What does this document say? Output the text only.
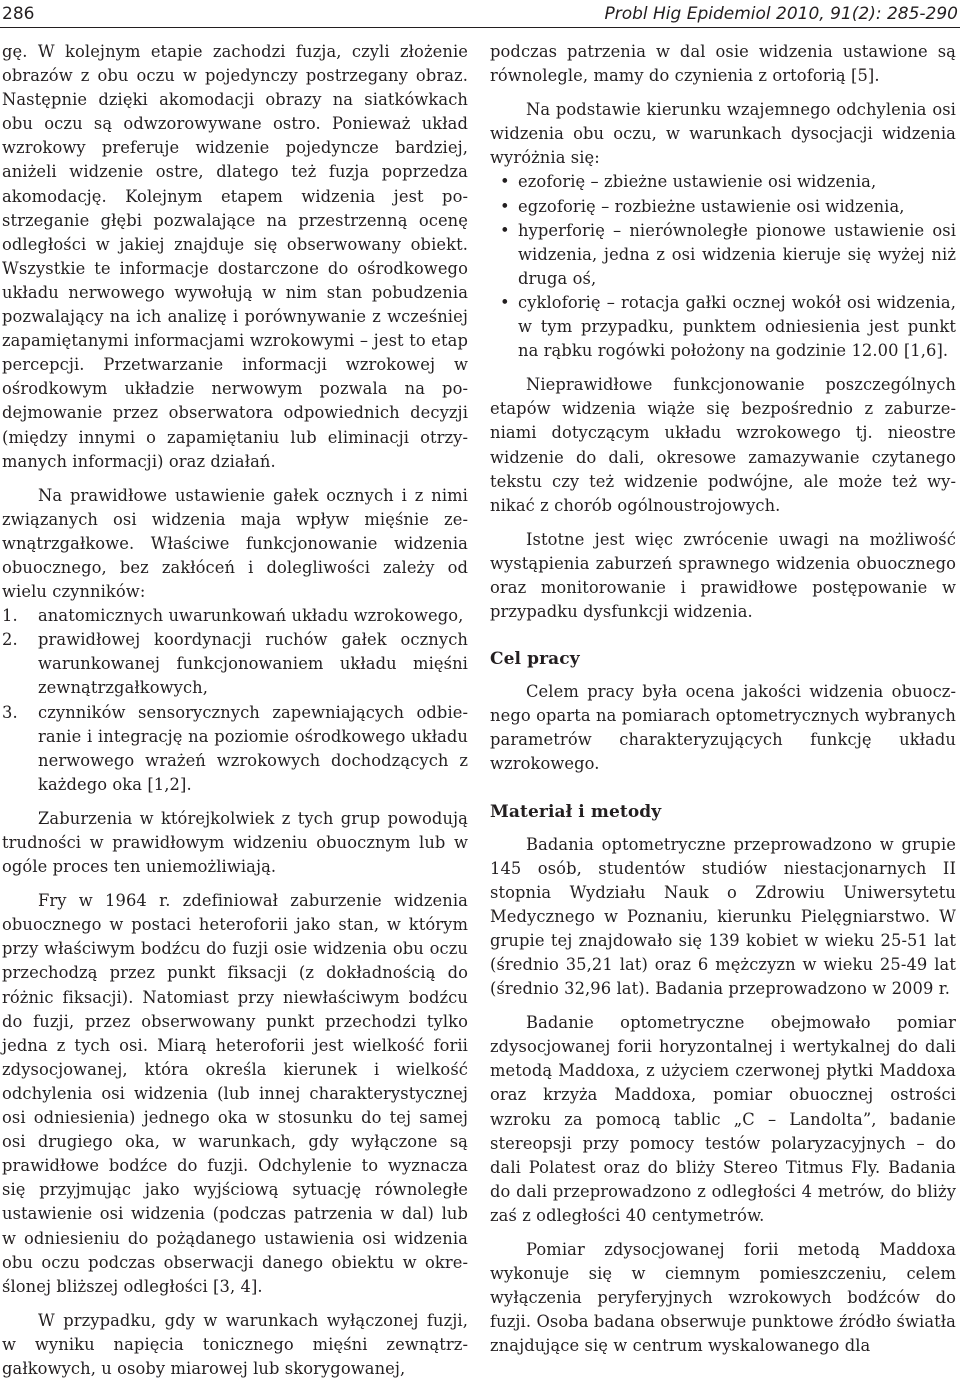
286	Probl Hig Epidemiol 2010, 91(2): 285-290

gę. W kolejnym etapie zachodzi fuzja, czyli złożenie obrazów z obu oczu w pojedynczy postrzegany obraz. Następnie dzięki akomodacji obrazy na siatkówkach obu oczu są odwzorowywane ostro. Ponieważ układ wzrokowy preferuje widzenie pojedyncze bardziej, aniżeli widzenie ostre, dlatego też fuzja poprzedza akomodację. Kolejnym etapem widzenia jest postrzeganie głębi pozwalające na przestrzenną ocenę odległości w jakiej znajduje się obserwowany obiekt. Wszystkie te informacje dostarczone do ośrodkowego układu nerwowego wywołują w nim stan pobudzenia pozwalający na ich analizę i porównywanie z wcześniej zapamiętanymi informacjami wzrokowymi – jest to etap percepcji. Przetwarzanie informacji wzrokowej w ośrodkowym układzie nerwowym pozwala na podejmowanie przez obserwatora odpowiednich decyzji (między innymi o zapamiętaniu lub eliminacji otrzymanych informacji) oraz działań.

Na prawidłowe ustawienie gałek ocznych i z nimi związanych osi widzenia maja wpływ mięśnie zewnątrzgałkowe. Właściwe funkcjonowanie widzenia obuocznego, bez zakłóceń i dolegliwości zależy od wielu czynników:

1. anatomicznych uwarunkowań układu wzrokowego,
2. prawidłowej koordynacji ruchów gałek ocznych warunkowanej funkcjonowaniem układu mięśni zewnątrzgałkowych,
3. czynników sensorycznych zapewniających odbieranie i integrację na poziomie ośrodkowego układu nerwowego wrażeń wzrokowych dochodzących z każdego oka [1,2].

Zaburzenia w którejkolwiek z tych grup powodują trudności w prawidłowym widzeniu obuocznym lub w ogóle proces ten uniemożliwiają.

Fry w 1964 r. zdefiniował zaburzenie widzenia obuocznego w postaci heteroforii jako stan, w którym przy właściwym bodźcu do fuzji osie widzenia obu oczu przechodzą przez punkt fiksacji (z dokładnością do różnic fiksacji). Natomiast przy niewłaściwym bodźcu do fuzji, przez obserwowany punkt przechodzi tylko jedna z tych osi. Miarą heteroforii jest wielkość forii zdysocjowanej, która określa kierunek i wielkość odchylenia osi widzenia (lub innej charakterystycznej osi odniesienia) jednego oka w stosunku do tej samej osi drugiego oka, w warunkach, gdy wyłączone są prawidłowe bodźce do fuzji. Odchylenie to wyznacza się przyjmując jako wyjściową sytuację równoległe ustawienie osi widzenia (podczas patrzenia w dal) lub w odniesieniu do pożądanego ustawienia osi widzenia obu oczu podczas obserwacji danego obiektu w określonej bliższej odległości [3, 4].

W przypadku, gdy w warunkach wyłączonej fuzji, w wyniku napięcia tonicznego mięśni zewnątrzgałkowych, u osoby miarowej lub skorygowanej,

podczas patrzenia w dal osie widzenia ustawione są równolegle, mamy do czynienia z ortoforią [5].

Na podstawie kierunku wzajemnego odchylenia osi widzenia obu oczu, w warunkach dysocjacji widzenia wyróżnia się:

• ezoforię – zbieżne ustawienie osi widzenia,
• egzoforię – rozbieżne ustawienie osi widzenia,
• hyperforię – nierównoległe pionowe ustawienie osi widzenia, jedna z osi widzenia kieruje się wyżej niż druga oś,
• cykloforię – rotacja gałki ocznej wokół osi widzenia, w tym przypadku, punktem odniesienia jest punkt na rąbku rogówki położony na godzinie 12.00 [1,6].

Nieprawidłowe funkcjonowanie poszczególnych etapów widzenia wiąże się bezpośrednio z zaburzeniami dotyczącym układu wzrokowego tj. nieostre widzenie do dali, okresowe zamazywanie czytanego tekstu czy też widzenie podwójne, ale może też wynikać z chorób ogólnoustrojowych.

Istotne jest więc zwrócenie uwagi na możliwość wystąpienia zaburzeń sprawnego widzenia obuocznego oraz monitorowanie i prawidłowe postępowanie w przypadku dysfunkcji widzenia.

Cel pracy

Celem pracy była ocena jakości widzenia obuocznego oparta na pomiarach optometrycznych wybranych parametrów charakteryzujących funkcję układu wzrokowego.

Materiał i metody

Badania optometryczne przeprowadzono w grupie 145 osób, studentów studiów niestacjonarnych II stopnia Wydziału Nauk o Zdrowiu Uniwersytetu Medycznego w Poznaniu, kierunku Pielęgniarstwo. W grupie tej znajdowało się 139 kobiet w wieku 25-51 lat (średnio 35,21 lat) oraz 6 mężczyzn w wieku 25-49 lat (średnio 32,96 lat). Badania przeprowadzono w 2009 r.

Badanie optometryczne obejmowało pomiar zdysocjowanej forii horyzontalnej i wertykalnej do dali metodą Maddoxa, z użyciem czerwonej płytki Maddoxa oraz krzyża Maddoxa, pomiar obuocznej ostrości wzroku za pomocą tablic „C – Landolta”, badanie stereopsji przy pomocy testów polaryzacyjnych – do dali Polatest oraz do bliży Stereo Titmus Fly. Badania do dali przeprowadzono z odległości 4 metrów, do bliży zaś z odległości 40 centymetrów.

Pomiar zdysocjowanej forii metodą Maddoxa wykonuje się w ciemnym pomieszczeniu, celem wyłączenia peryferyjnych wzrokowych bodźców do fuzji. Osoba badana obserwuje punktowe źródło światła znajdujące się w centrum wyskalowanego dla
